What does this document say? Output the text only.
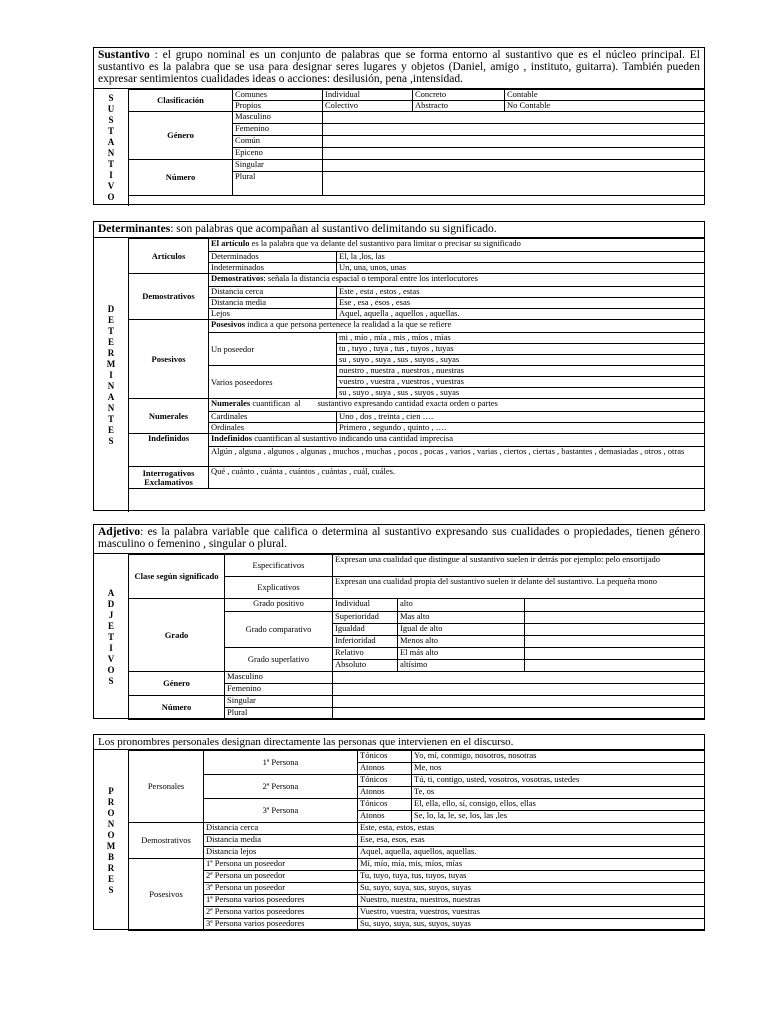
Sustantivo : el grupo nominal es un conjunto de palabras que se forma entorno al sustantivo que es el núcleo principal. El sustantivo es la palabra que se usa para designar seres lugares y objetos (Daniel, amigo , instituto, guitarra). También pueden expresar sentimientos cualidades ideas o acciones: desilusión, pena ,intensidad.
S
U
S
T
A
N
T
I
V
O
Clasificación	Comunes	Individual	Concreto	Contable
	Propios	Colectivo	Abstracto	No Contable
Género	Masculino			
	Femenino			
	Común			
	Epiceno			
Número	Singular			
	Plural			
Determinantes: son palabras que acompañan al sustantivo delimitando su significado.
D
E
T
E
R
M
I
N
A
N
T
E
S
Artículos	El artículo es la palabra que va delante del sustantivo para limitar o precisar su significado	
	Determinados	El, la ,los, las
	Indeterminados	Un, una, unos, unas
Demostrativos	Demostrativos: señala la distancia espacial o temporal entre los interlocutores	
	Distancia cerca	Este , esta , estos , estas
	Distancia media	Ese , esa , esos , esas
	Lejos	Aquel, aquella , aquellos , aquellas.
Posesivos	Posesivos indica a que persona pertenece la realidad a la que se refiere	
	Un poseedor	mi , mío , mía , mis , míos , mías
		tu , tuyo , tuya , tus , tuyos , tuyas
		su , suyo , suya , sus , suyos , suyas
	Varios poseedores	nuestro , nuestra , nuestros , nuestras
		vuestro , vuestra , vuestros , vuestras
		su , suyo , suya , sus , suyos , suyas
Numerales	Numerales cuantifican  al        sustantivo expresando cantidad exacta orden o partes	
	Cardinales	Uno , dos , treinta , cien ….
	Ordinales	Primero , segundo , quinto , ….
Indefinidos	Indefinidos cuantifican al sustantivo indicando una cantidad imprecisa	
	Algún , alguna , algunos , algunas , muchos , muchas , pocos , pocas , varios , varias , ciertos , ciertas , bastantes , demasiadas , otros , otras	
Interrogativos Exclamativos	Qué , cuánto , cuánta , cuántos , cuántas , cuál, cuáles.	
Adjetivo: es la palabra variable que califica o determina al sustantivo expresando sus cualidades o propiedades, tienen género masculino o femenino , singular o plural.
A
D
J
E
T
I
V
O
S
Clase según significado	Especificativos	Expresan una cualidad que distingue al sustantivo suelen ir detrás por ejemplo: pelo ensortijado		
	Explicativos	Expresan una cualidad propia del sustantivo suelen ir delante del sustantivo. La pequeña mono		
Grado	Grado positivo	Individual	alto	
	Grado comparativo	Superioridad	Mas alto	
		Igualdad	Igual de alto	
		Inferioridad	Menos alto	
	Grado superlativo	Relativo	El más alto	
		Absoluto	altísimo	
Género	Masculino			
	Femenino			
Número	Singular			
	Plural			
Los pronombres personales designan directamente las personas que intervienen en el discurso.
P
R
O
N
O
M
B
R
E
S
Personales	1ª Persona	Tónicos	Yo, mí, conmigo, nosotros, nosotras
		Atonos	Me, nos
	2ª Persona	Tónicos	Tú, ti, contigo, usted, vosotros, vosotras, ustedes
		Atonos	Te, os
	3ª Persona	Tónicos	El, ella, ello, sí, consigo, ellos, ellas
		Atonos	Se, lo, la, le, se, los, las ,les
Demostrativos	Distancia cerca	Este, esta, estos, estas	
	Distancia media	Ese, esa, esos, esas	
	Distancia lejos	Aquel, aquella, aquellos, aquellas.	
Posesivos	1ª Persona un poseedor	Mí, mío, mía, mis, míos, mías	
	2ª Persona un poseedor	Tu, tuyo, tuya, tus, tuyos, tuyas	
	3ª Persona un poseedor	Su, suyo, suya, sus, suyos, suyas	
	1ª Persona varios poseedores	Nuestro, nuestra, nuestros, nuestras	
	2ª Persona varios poseedores	Vuestro, vuestra, vuestros, vuestras	
	3ª Persona varios poseedores	Su, suyo, suya, sus, suyos, suyas	
